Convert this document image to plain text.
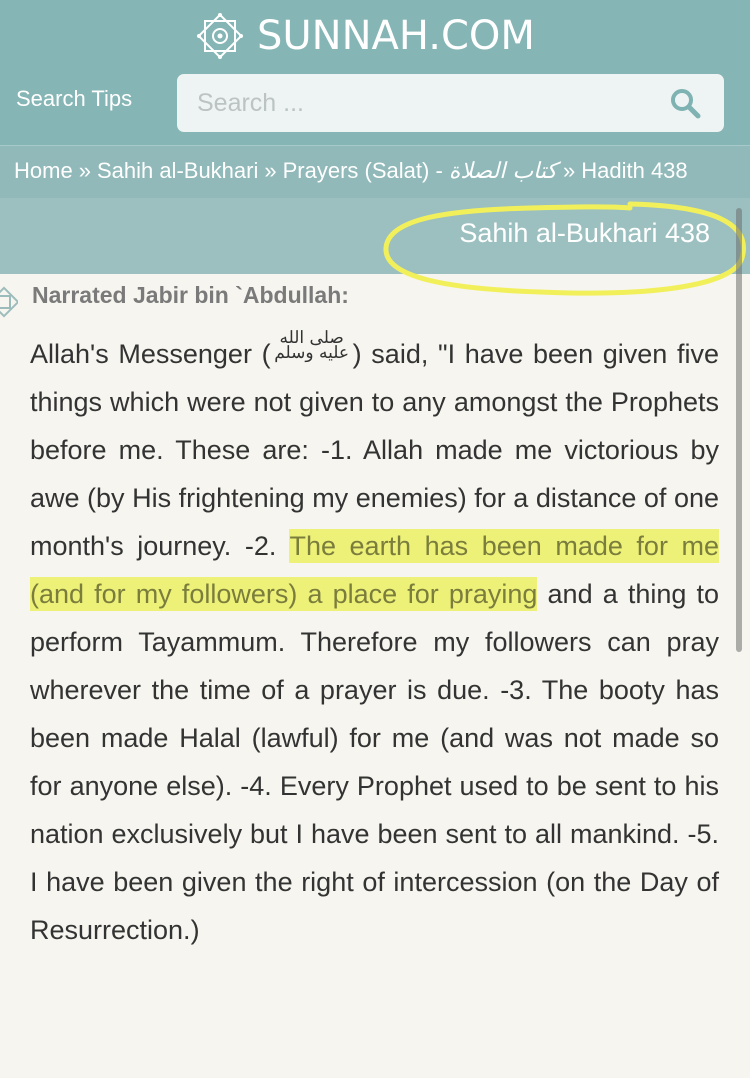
SUNNAH.COM
Search Tips
Search ...
Home » Sahih al-Bukhari » Prayers (Salat) - كتاب الصلاة » Hadith 438
Sahih al-Bukhari 438
Narrated Jabir bin `Abdullah:
Allah's Messenger (صلى الله عليه وسلم ) said, "I have been given five things which were not given to any amongst the Prophets before me. These are: -1. Allah made me victorious by awe (by His frightening my enemies) for a distance of one month's journey. -2. The earth has been made for me (and for my followers) a place for praying and a thing to perform Tayammum. Therefore my followers can pray wherever the time of a prayer is due. -3. The booty has been made Halal (lawful) for me (and was not made so for anyone else). -4. Every Prophet used to be sent to his nation exclusively but I have been sent to all mankind. -5. I have been given the right of intercession (on the Day of Resurrection.)
